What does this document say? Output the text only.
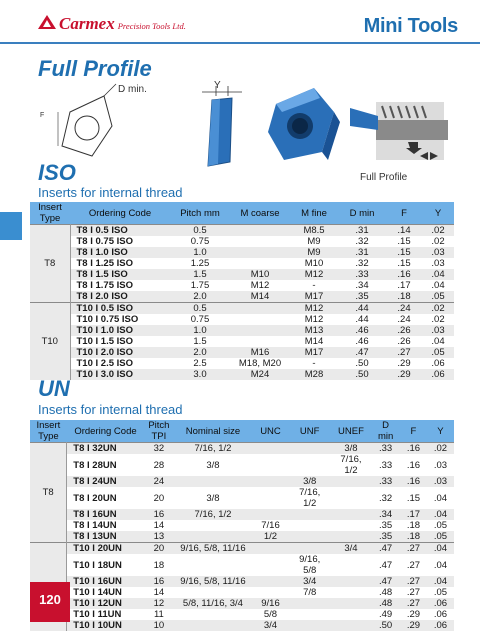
Carmex Precision Tools Ltd.	Mini Tools
Full Profile
D min.
F
Y
Full Profile
ISO
Inserts for internal thread
Insert Type	Ordering Code	Pitch mm	M coarse	M fine	D min	F	Y
T8	T8 I 0.5 ISO	0.5		M8.5	.31	.14	.02
	T8 I 0.75 ISO	0.75		M9	.32	.15	.02
	T8 I 1.0 ISO	1.0		M9	.31	.15	.03
	T8 I 1.25 ISO	1.25		M10	.32	.15	.03
	T8 I 1.5 ISO	1.5	M10	M12	.33	.16	.04
	T8 I 1.75 ISO	1.75	M12	-	.34	.17	.04
	T8 I 2.0 ISO	2.0	M14	M17	.35	.18	.05
T10	T10 I 0.5 ISO	0.5		M12	.44	.24	.02
	T10 I 0.75 ISO	0.75		M12	.44	.24	.02
	T10 I 1.0 ISO	1.0		M13	.46	.26	.03
	T10 I 1.5 ISO	1.5		M14	.46	.26	.04
	T10 I 2.0 ISO	2.0	M16	M17	.47	.27	.05
	T10 I 2.5 ISO	2.5	M18, M20	-	.50	.29	.06
	T10 I 3.0 ISO	3.0	M24	M28	.50	.29	.06
UN
Inserts for internal thread
Insert Type	Ordering Code	Pitch TPI	Nominal size	UNC	UNF	UNEF	D min	F	Y
T8	T8 I 32UN	32	7/16, 1/2			3/8	.33	.16	.02
	T8 I 28UN	28	3/8			7/16, 1/2	.33	.16	.03
	T8 I 24UN	24			3/8		.33	.16	.03
	T8 I 20UN	20	3/8		7/16, 1/2		.32	.15	.04
	T8 I 16UN	16	7/16, 1/2				.34	.17	.04
	T8 I 14UN	14		7/16			.35	.18	.05
	T8 I 13UN	13		1/2			.35	.18	.05
	T10 I 20UN	20	9/16, 5/8, 11/16			3/4	.47	.27	.04
	T10 I 18UN	18			9/16, 5/8		.47	.27	.04
	T10 I 16UN	16	9/16, 5/8, 11/16		3/4		.47	.27	.04
	T10 I 14UN	14			7/8		.48	.27	.05
	T10 I 12UN	12	5/8, 11/16, 3/4	9/16			.48	.27	.06
	T10 I 11UN	11		5/8			.49	.29	.06
	T10 I 10UN	10		3/4			.50	.29	.06
120
